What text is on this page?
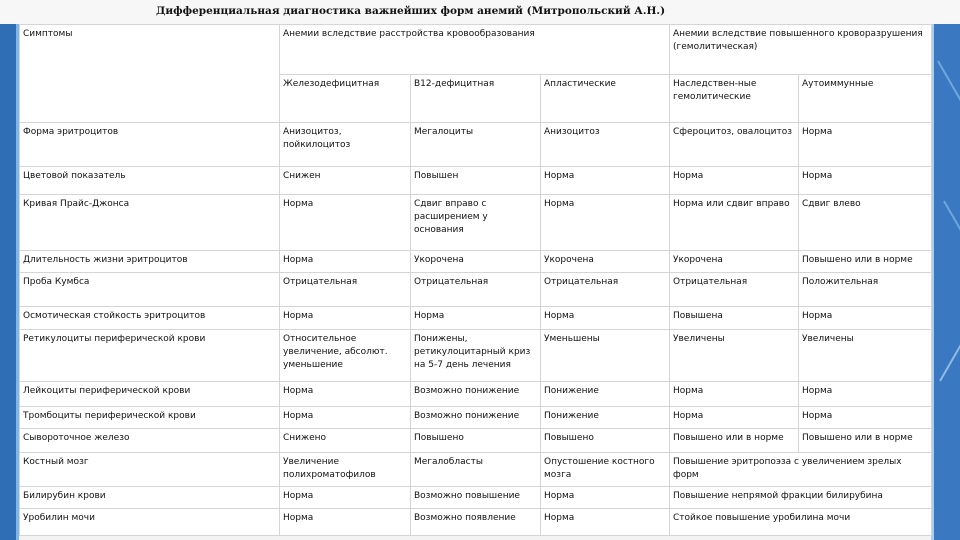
Дифференциальная диагностика важнейших форм анемий (Митропольский А.Н.)
Симптомы	Анемии вследствие расстройства кровообразования			Анемии вследствие повышенного кроворазрушения (гемолитическая)	
	Железодефицитная	В12-дефицитная	Апластические	Наследствен-ные гемолитические	Аутоиммунные
Форма эритроцитов	Анизоцитоз, пойкилоцитоз	Мегалоциты	Анизоцитоз	Сфероцитоз, овалоцитоз	Норма
Цветовой показатель	Снижен	Повышен	Норма	Норма	Норма
Кривая Прайс-Джонса	Норма	Сдвиг вправо с расширением у основания	Норма	Норма или сдвиг вправо	Сдвиг влево
Длительность жизни эритроцитов	Норма	Укорочена	Укорочена	Укорочена	Повышено или в норме
Проба Кумбса	Отрицательная	Отрицательная	Отрицательная	Отрицательная	Положительная
Осмотическая стойкость эритроцитов	Норма	Норма	Норма	Повышена	Норма
Ретикулоциты периферической крови	Относительное увеличение, абсолют. уменьшение	Понижены, ретикулоцитарный криз на 5-7 день лечения	Уменьшены	Увеличены	Увеличены
Лейкоциты периферической крови	Норма	Возможно понижение	Понижение	Норма	Норма
Тромбоциты периферической крови	Норма	Возможно понижение	Понижение	Норма	Норма
Сывороточное железо	Снижено	Повышено	Повышено	Повышено или в норме	Повышено или в норме
Костный мозг	Увеличение полихроматофилов	Мегалобласты	Опустошение костного мозга	Повышение эритропоэза с увеличением зрелых форм	
Билирубин крови	Норма	Возможно повышение	Норма	Повышение непрямой фракции билирубина	
Уробилин мочи	Норма	Возможно появление	Норма	Стойкое повышение уробилина мочи	
